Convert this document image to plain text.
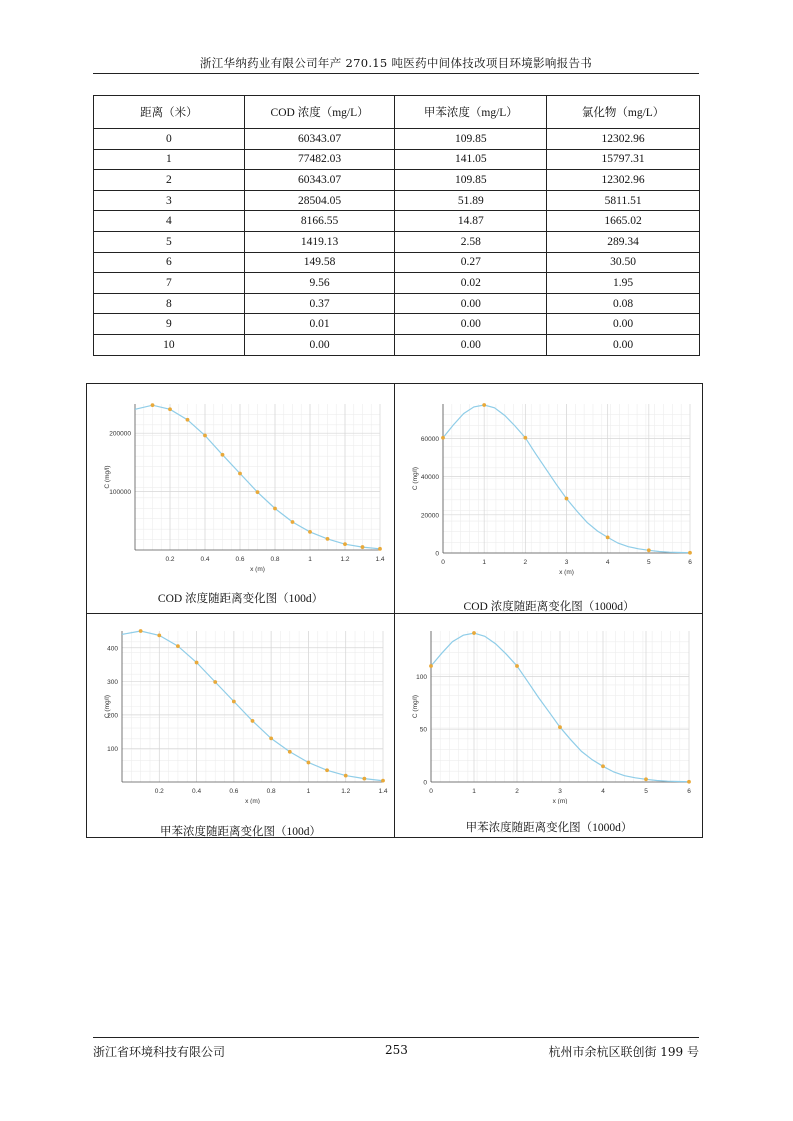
浙江华纳药业有限公司年产 270.15 吨医药中间体技改项目环境影响报告书
距离（米）	COD 浓度（mg/L）	甲苯浓度（mg/L）	氯化物（mg/L）
0	60343.07	109.85	12302.96
1	77482.03	141.05	15797.31
2	60343.07	109.85	12302.96
3	28504.05	51.89	5811.51
4	8166.55	14.87	1665.02
5	1419.13	2.58	289.34
6	149.58	0.27	30.50
7	9.56	0.02	1.95
8	0.37	0.00	0.08
9	0.01	0.00	0.00
10	0.00	0.00	0.00
0.2	0.4	0.6	0.8	1	1.2	1.4
100000
200000
x (m)
C (mg/l)
COD 浓度随距离变化图（100d）
0	1	2	3	4	5	6
0
20000
40000
60000
x (m)
C (mg/l)
COD 浓度随距离变化图（1000d）
0.2	0.4	0.6	0.8	1	1.2	1.4
100
200
300
400
x (m)
C (mg/l)
甲苯浓度随距离变化图（100d）
0	1	2	3	4	5	6
0
50
100
x (m)
C (mg/l)
甲苯浓度随距离变化图（1000d）
浙江省环境科技有限公司	253	杭州市余杭区联创街 199 号
